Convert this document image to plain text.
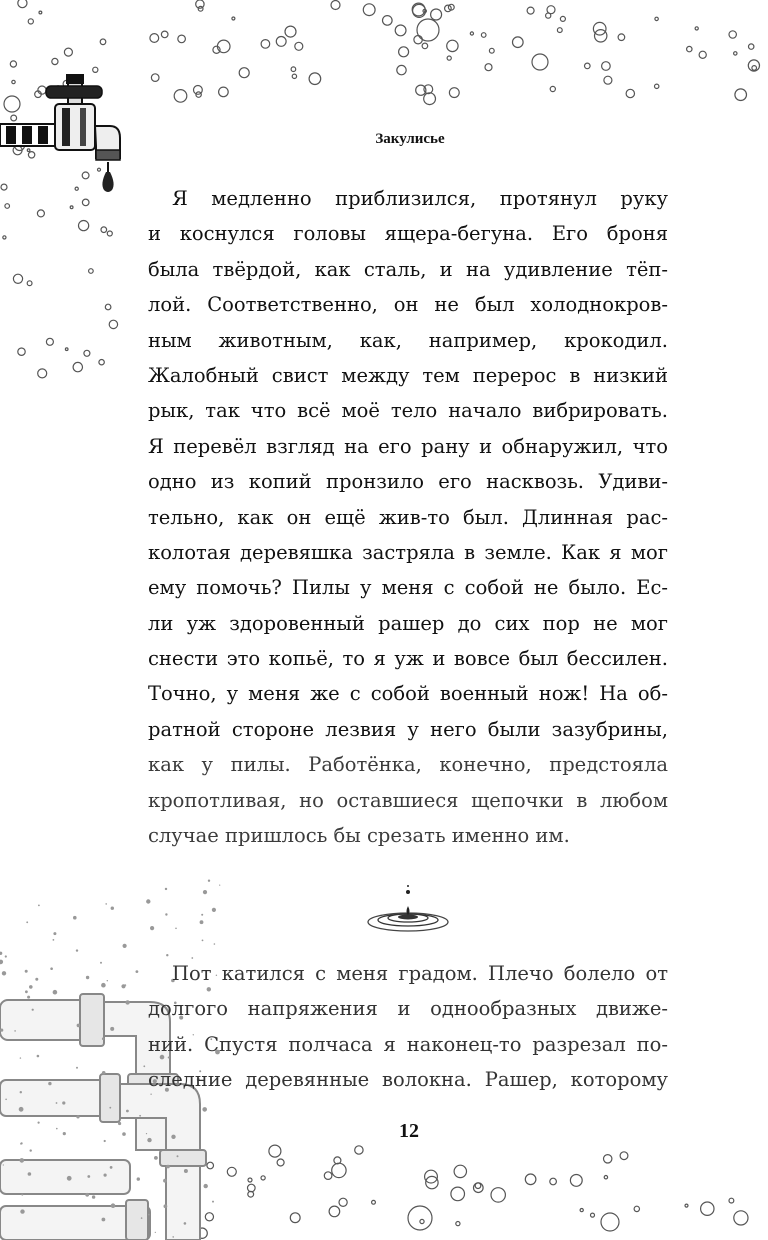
Закулисье
Я медленно приблизился, протянул руку
и коснулся головы ящера-бегуна. Его броня
была твёрдой, как сталь, и на удивление тёп-
лой. Соответственно, он не был холоднокров-
ным животным, как, например, крокодил.
Жалобный свист между тем перерос в низкий
рык, так что всё моё тело начало вибрировать.
Я перевёл взгляд на его рану и обнаружил, что
одно из копий пронзило его насквозь. Удиви-
тельно, как он ещё жив-то был. Длинная рас-
колотая деревяшка застряла в земле. Как я мог
ему помочь? Пилы у меня с собой не было. Ес-
ли уж здоровенный рашер до сих пор не мог
снести это копьё, то я уж и вовсе был бессилен.
Точно, у меня же с собой военный нож! На об-
ратной стороне лезвия у него были зазубрины,
как у пилы. Работёнка, конечно, предстояла
кропотливая, но оставшиеся щепочки в любом
случае пришлось бы срезать именно им.
Пот катился с меня градом. Плечо болело от
долгого напряжения и однообразных движе-
ний. Спустя полчаса я наконец-то разрезал по-
следние деревянные волокна. Рашер, которому
12
